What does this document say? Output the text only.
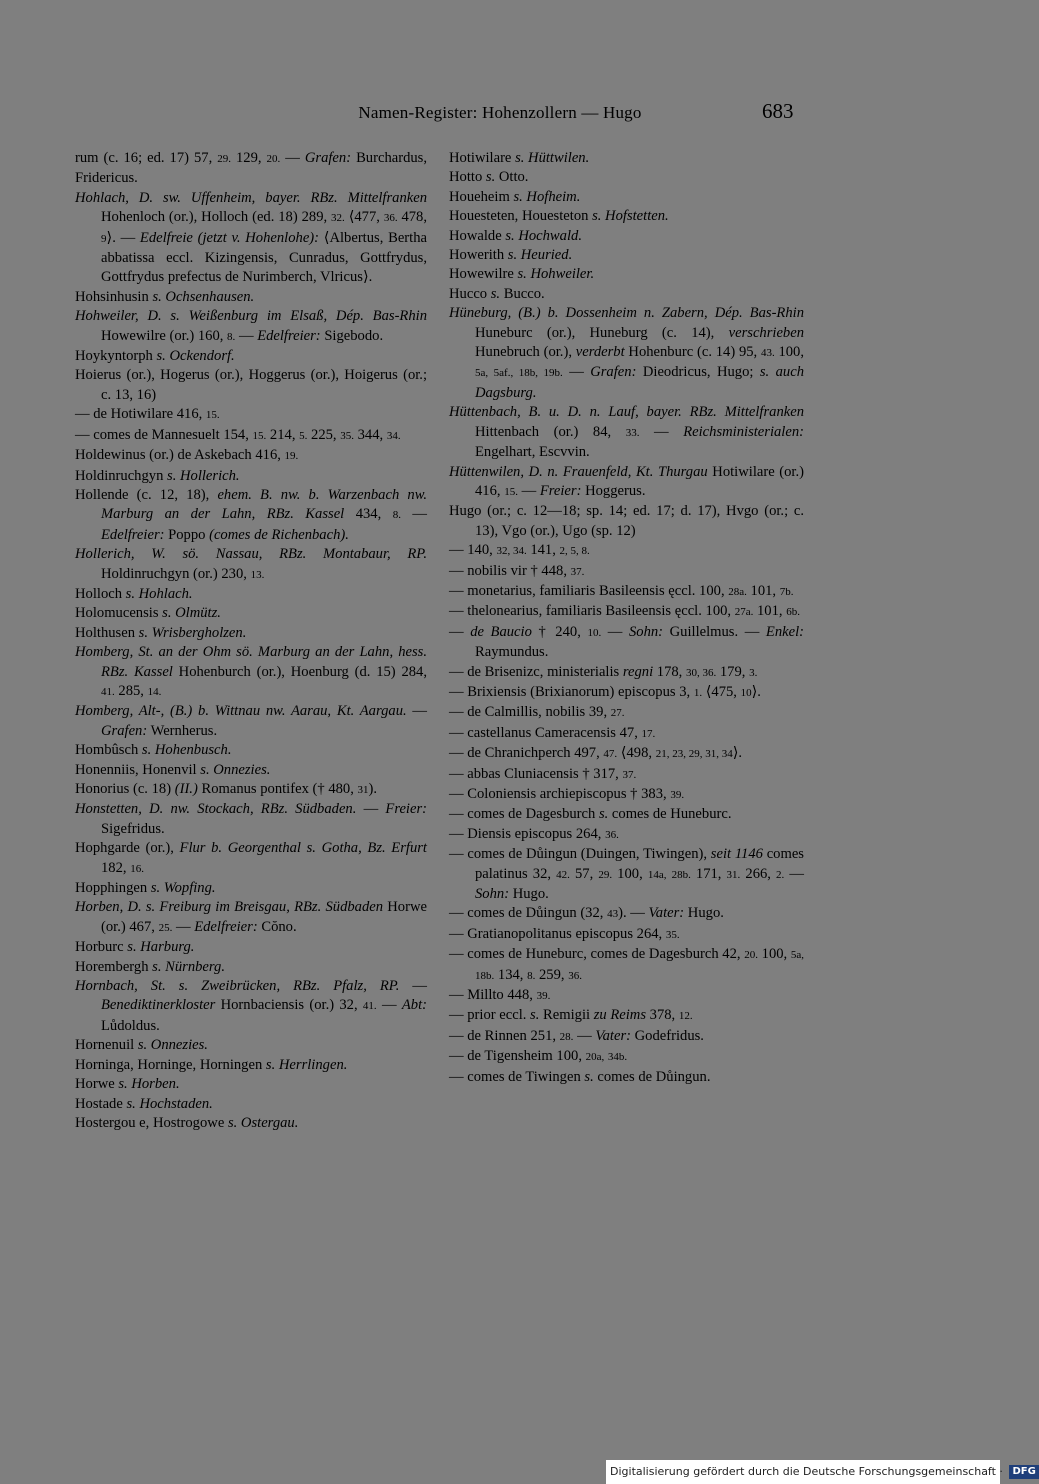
Namen-Register: Hohenzollern — Hugo	683
rum (c. 16; ed. 17) 57, 29. 129, 20. — Grafen: Burchardus, Fridericus.
Hohlach, D. sw. Uffenheim, bayer. RBz. Mittelfranken Hohenloch (or.), Holloch (ed. 18) 289, 32. ⟨477, 36. 478, 9⟩. — Edelfreie (jetzt v. Hohenlohe): ⟨Albertus, Bertha abbatissa eccl. Kizingensis, Cunradus, Gottfrydus, Gottfrydus prefectus de Nurimberch, Vlricus⟩.
Hohsinhusin s. Ochsenhausen.
Hohweiler, D. s. Weißenburg im Elsaß, Dép. Bas-Rhin Howewilre (or.) 160, 8. — Edelfreier: Sigebodo.
Hoykyntorph s. Ockendorf.
Hoierus (or.), Hogerus (or.), Hoggerus (or.), Hoigerus (or.; c. 13, 16)
— de Hotiwilare 416, 15.
— comes de Mannesuelt 154, 15. 214, 5. 225, 35. 344, 34.
Holdewinus (or.) de Askebach 416, 19.
Holdinruchgyn s. Hollerich.
Hollende (c. 12, 18), ehem. B. nw. b. Warzenbach nw. Marburg an der Lahn, RBz. Kassel 434, 8. — Edelfreier: Poppo (comes de Richenbach).
Hollerich, W. sö. Nassau, RBz. Montabaur, RP. Holdinruchgyn (or.) 230, 13.
Holloch s. Hohlach.
Holomucensis s. Olmütz.
Holthusen s. Wrisbergholzen.
Homberg, St. an der Ohm sö. Marburg an der Lahn, hess. RBz. Kassel Hohenburch (or.), Hoenburg (d. 15) 284, 41. 285, 14.
Homberg, Alt-, (B.) b. Wittnau nw. Aarau, Kt. Aargau. — Grafen: Wernherus.
Hombûsch s. Hohenbusch.
Honenniis, Honenvil s. Onnezies.
Honorius (c. 18) (II.) Romanus pontifex († 480, 31).
Honstetten, D. nw. Stockach, RBz. Südbaden. — Freier: Sigefridus.
Hophgarde (or.), Flur b. Georgenthal s. Gotha, Bz. Erfurt 182, 16.
Hopphingen s. Wopfing.
Horben, D. s. Freiburg im Breisgau, RBz. Südbaden Horwe (or.) 467, 25. — Edelfreier: Cŏno.
Horburc s. Harburg.
Horembergh s. Nürnberg.
Hornbach, St. s. Zweibrücken, RBz. Pfalz, RP. — Benediktinerkloster Hornbaciensis (or.) 32, 41. — Abt: Lůdoldus.
Hornenuil s. Onnezies.
Horninga, Horninge, Horningen s. Herrlingen.
Horwe s. Horben.
Hostade s. Hochstaden.
Hostergou e, Hostrogowe s. Ostergau.
Hotiwilare s. Hüttwilen.
Hotto s. Otto.
Houeheim s. Hofheim.
Houesteten, Houesteton s. Hofstetten.
Howalde s. Hochwald.
Howerith s. Heuried.
Howewilre s. Hohweiler.
Hucco s. Bucco.
Hüneburg, (B.) b. Dossenheim n. Zabern, Dép. Bas-Rhin Huneburc (or.), Huneburg (c. 14), verschrieben Hunebruch (or.), verderbt Hohenburc (c. 14) 95, 43. 100, 5a, 5af., 18b, 19b. — Grafen: Dieodricus, Hugo; s. auch Dagsburg.
Hüttenbach, B. u. D. n. Lauf, bayer. RBz. Mittelfranken Hittenbach (or.) 84, 33. — Reichsministerialen: Engelhart, Escvvin.
Hüttenwilen, D. n. Frauenfeld, Kt. Thurgau Hotiwilare (or.) 416, 15. — Freier: Hoggerus.
Hugo (or.; c. 12—18; sp. 14; ed. 17; d. 17), Hvgo (or.; c. 13), Vgo (or.), Ugo (sp. 12)
— 140, 32, 34. 141, 2, 5, 8.
— nobilis vir † 448, 37.
— monetarius, familiaris Basileensis ęccl. 100, 28a. 101, 7b.
— thelonearius, familiaris Basileensis ęccl. 100, 27a. 101, 6b.
— de Baucio † 240, 10. — Sohn: Guillelmus. — Enkel: Raymundus.
— de Brisenizc, ministerialis regni 178, 30, 36. 179, 3.
— Brixiensis (Brixianorum) episcopus 3, 1. ⟨475, 10⟩.
— de Calmillis, nobilis 39, 27.
— castellanus Cameracensis 47, 17.
— de Chranichperch 497, 47. ⟨498, 21, 23, 29, 31, 34⟩.
— abbas Cluniacensis † 317, 37.
— Coloniensis archiepiscopus † 383, 39.
— comes de Dagesburch s. comes de Huneburc.
— Diensis episcopus 264, 36.
— comes de Důingun (Duingen, Tiwingen), seit 1146 comes palatinus 32, 42. 57, 29. 100, 14a, 28b. 171, 31. 266, 2. — Sohn: Hugo.
— comes de Důingun (32, 43). — Vater: Hugo.
— Gratianopolitanus episcopus 264, 35.
— comes de Huneburc, comes de Dagesburch 42, 20. 100, 5a, 18b. 134, 8. 259, 36.
— Millto 448, 39.
— prior eccl. s. Remigii zu Reims 378, 12.
— de Rinnen 251, 28. — Vater: Godefridus.
— de Tigensheim 100, 20a, 34b.
— comes de Tiwingen s. comes de Důingun.
Digitalisierung gefördert durch die Deutsche Forschungsgemeinschaft · DFG
